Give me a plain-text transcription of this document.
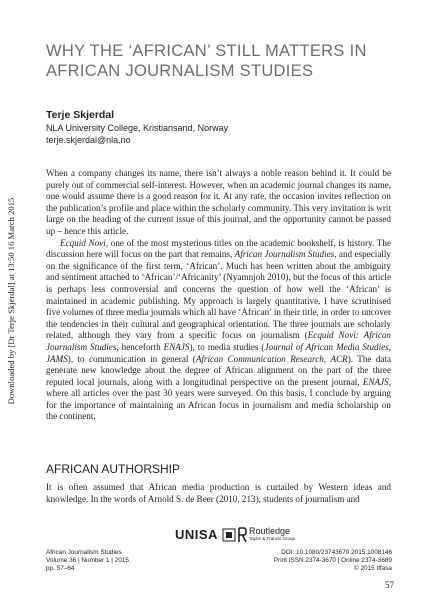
Downloaded by [Dr Terje Skjerdal] at 13:50 16 March 2015
WHY THE ‘AFRICAN’ STILL MATTERS IN
AFRICAN JOURNALISM STUDIES
Terje Skjerdal
NLA University College, Kristiansand, Norway
terje.skjerdal@nla.no

When a company changes its name, there isn’t always a noble reason behind it. It could be purely out of commercial self-interest. However, when an academic journal changes its name, one would assume there is a good reason for it. At any rate, the occasion invites reflection on the publication’s profile and place within the scholarly community. This very invitation is writ large on the heading of the current issue of this journal, and the opportunity cannot be passed up – hence this article.

Ecquid Novi, one of the most mysterious titles on the academic bookshelf, is history. The discussion here will focus on the part that remains, African Journalism Studies, and especially on the significance of the first term, ‘African’. Much has been written about the ambiguity and sentiment attached to ‘African’/‘Africanity’ (Nyamnjoh 2010), but the focus of this article is perhaps less controversial and concerns the question of how well the ‘African’ is maintained in academic publishing. My approach is largely quantitative. I have scrutinised five volumes of three media journals which all have ‘African’ in their title, in order to uncover the tendencies in their cultural and geographical orientation. The three journals are scholarly related, although they vary from a specific focus on journalism (Ecquid Novi: African Journalism Studies, henceforth ENAJS), to media studies (Journal of African Media Studies, JAMS), to communication in general (African Communication Research, ACR). The data generate new knowledge about the degree of African alignment on the part of the three reputed local journals, along with a longitudinal perspective on the present journal, ENAJS, where all articles over the past 30 years were surveyed. On this basis, I conclude by arguing for the importance of maintaining an African focus in journalism and media scholarship on the continent.

AFRICAN AUTHORSHIP

It is often assumed that African media production is curtailed by Western ideas and knowledge. In the words of Arnold S. de Beer (2010, 213), students of journalism and

UNISA	Routledge
Taylor & Francis Group
African Journalism Studies
Volume 36 | Number 1 | 2015
pp. 57–64
DOI: 10.1080/23743670.2015.1008146
Print ISSN 2374-3670 | Online 2374-3689
© 2015 Iffasa
57
